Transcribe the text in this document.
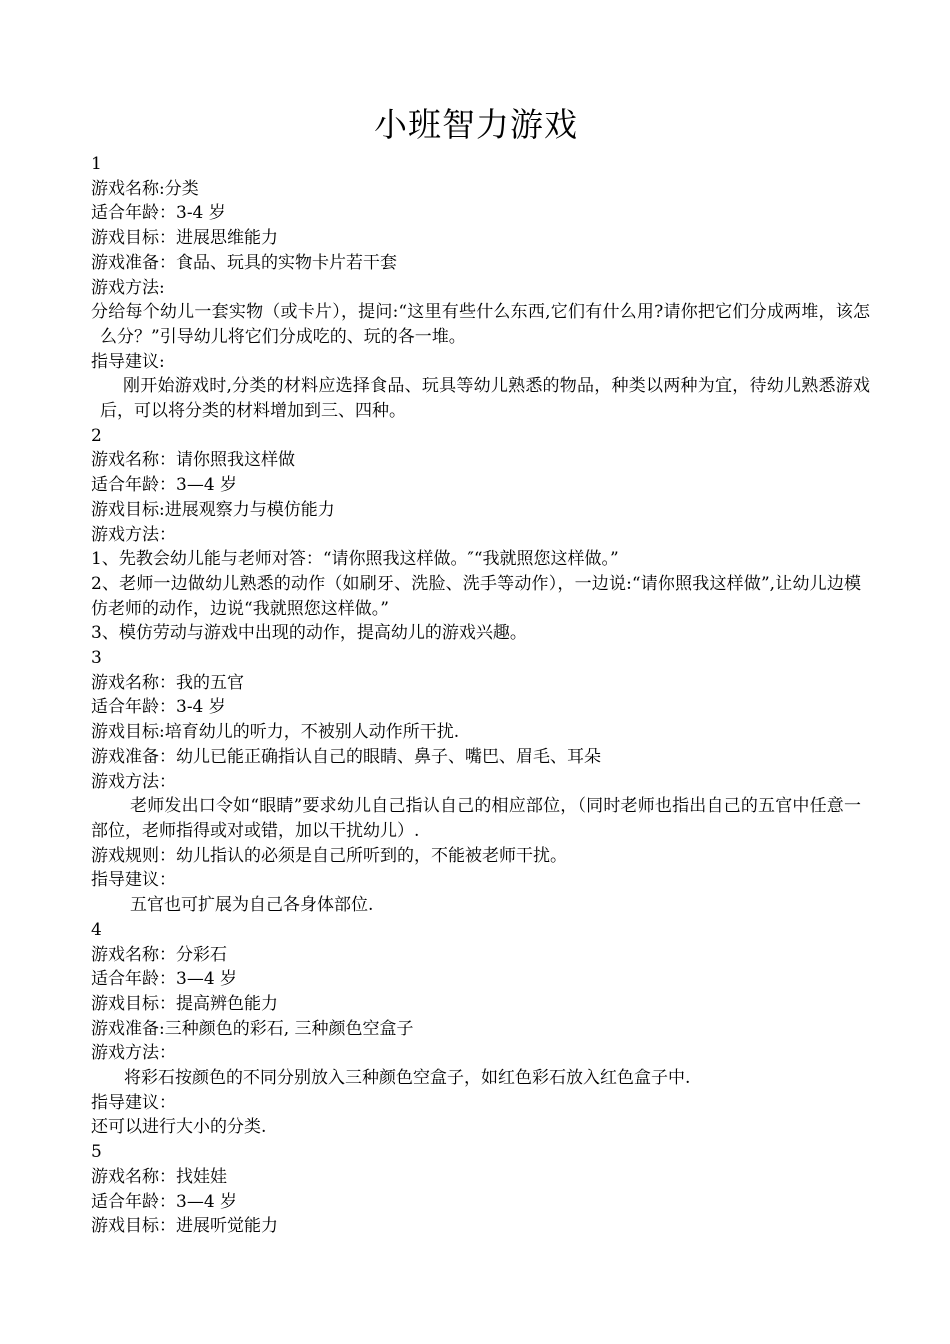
小班智力游戏
1
游戏名称:分类
适合年龄：3-4 岁
游戏目标：进展思维能力
游戏准备：食品、玩具的实物卡片若干套
游戏方法:
分给每个幼儿一套实物（或卡片），提问:“这里有些什么东西,它们有什么用?请你把它们分成两堆，该怎么分？”引导幼儿将它们分成吃的、玩的各一堆。
指导建议:
刚开始游戏时,分类的材料应选择食品、玩具等幼儿熟悉的物品，种类以两种为宜，待幼儿熟悉游戏后，可以将分类的材料增加到三、四种。
2
游戏名称：请你照我这样做
适合年龄：3—4 岁
游戏目标:进展观察力与模仿能力
游戏方法：
1、先教会幼儿能与老师对答：“请你照我这样做。″“我就照您这样做。”
2、老师一边做幼儿熟悉的动作（如刷牙、洗脸、洗手等动作），一边说:“请你照我这样做”,让幼儿边模仿老师的动作，边说“我就照您这样做。”
3、模仿劳动与游戏中出现的动作，提高幼儿的游戏兴趣。
3
游戏名称：我的五官
适合年龄：3-4 岁
游戏目标:培育幼儿的听力，不被别人动作所干扰.
游戏准备：幼儿已能正确指认自己的眼睛、鼻子、嘴巴、眉毛、耳朵
游戏方法：
老师发出口令如“眼睛”要求幼儿自己指认自己的相应部位，（同时老师也指出自己的五官中任意一部位，老师指得或对或错，加以干扰幼儿）.
游戏规则：幼儿指认的必须是自己所听到的，不能被老师干扰。
指导建议：
五官也可扩展为自己各身体部位.
4
游戏名称：分彩石
适合年龄：3—4 岁
游戏目标：提高辨色能力
游戏准备:三种颜色的彩石, 三种颜色空盒子
游戏方法：
将彩石按颜色的不同分别放入三种颜色空盒子，如红色彩石放入红色盒子中.
指导建议：
还可以进行大小的分类.
5
游戏名称：找娃娃
适合年龄：3—4 岁
游戏目标：进展听觉能力
